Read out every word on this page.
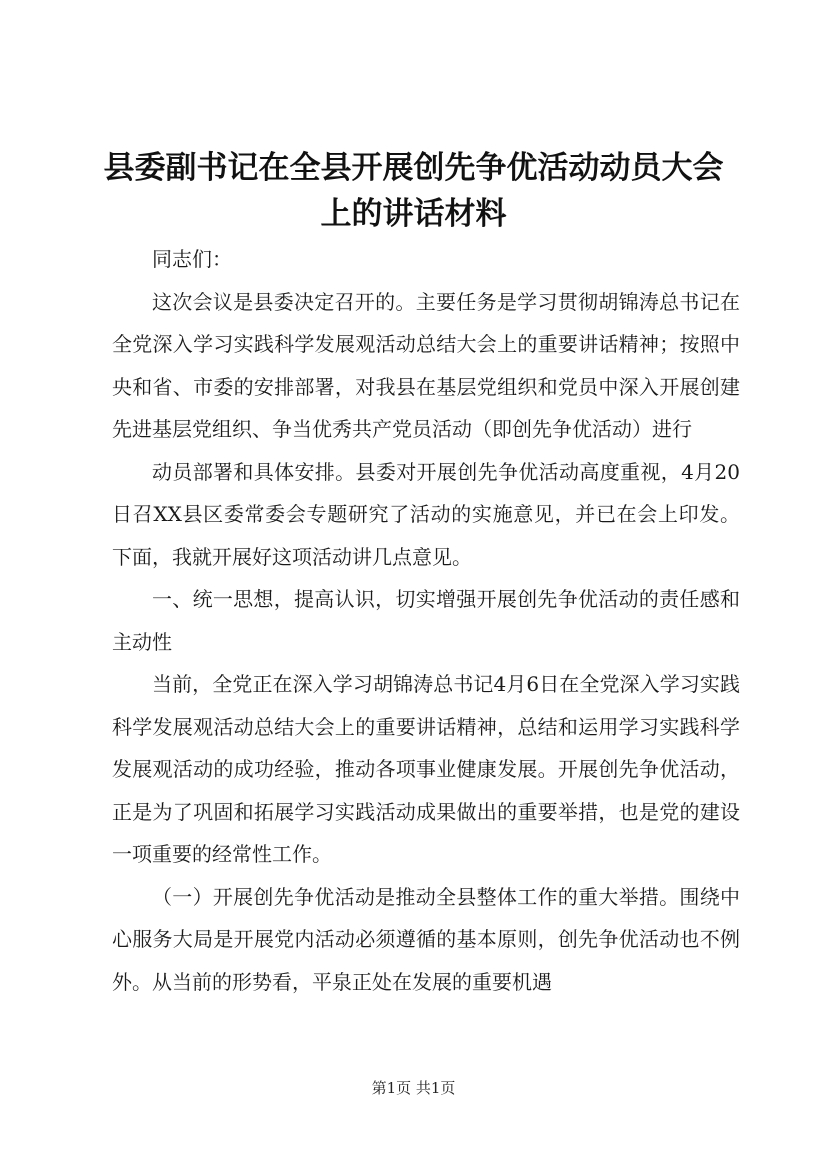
县委副书记在全县开展创先争优活动动员大会上的讲话材料

同志们：

这次会议是县委决定召开的。主要任务是学习贯彻胡锦涛总书记在全党深入学习实践科学发展观活动总结大会上的重要讲话精神；按照中央和省、市委的安排部署，对我县在基层党组织和党员中深入开展创建先进基层党组织、争当优秀共产党员活动（即创先争优活动）进行

动员部署和具体安排。县委对开展创先争优活动高度重视，4月20日召XX县区委常委会专题研究了活动的实施意见，并已在会上印发。下面，我就开展好这项活动讲几点意见。

一、统一思想，提高认识，切实增强开展创先争优活动的责任感和主动性

当前，全党正在深入学习胡锦涛总书记4月6日在全党深入学习实践科学发展观活动总结大会上的重要讲话精神，总结和运用学习实践科学发展观活动的成功经验，推动各项事业健康发展。开展创先争优活动，正是为了巩固和拓展学习实践活动成果做出的重要举措，也是党的建设一项重要的经常性工作。

（一）开展创先争优活动是推动全县整体工作的重大举措。围绕中心服务大局是开展党内活动必须遵循的基本原则，创先争优活动也不例外。从当前的形势看，平泉正处在发展的重要机遇

第1页 共1页
